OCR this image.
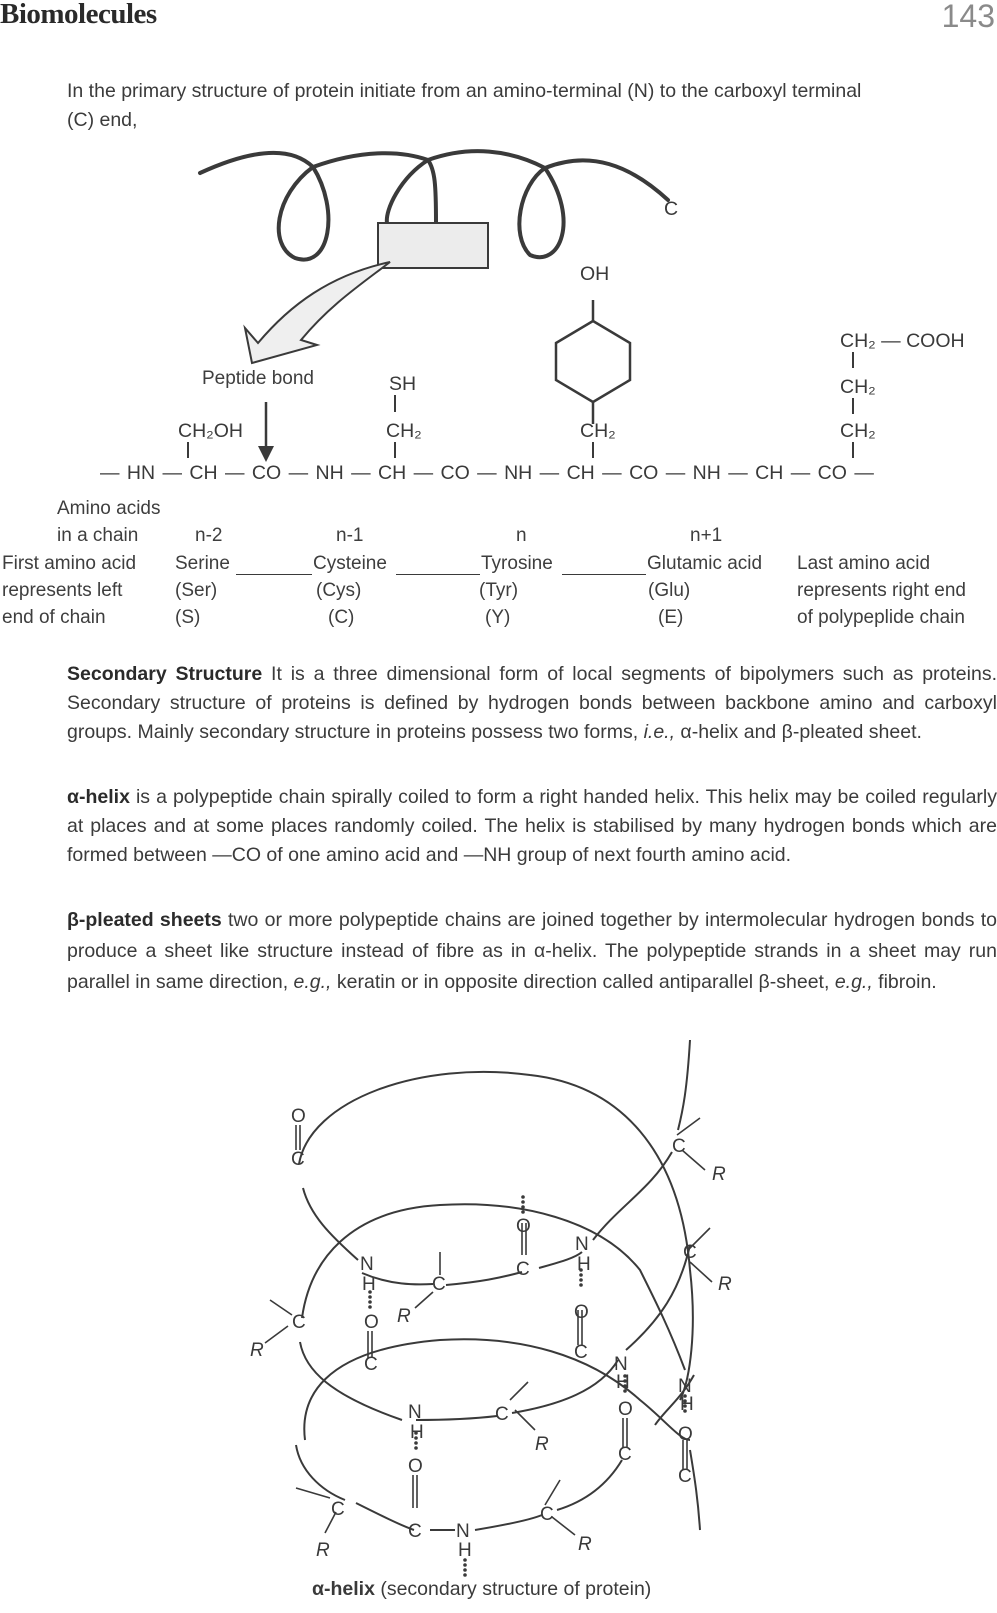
Biomolecules	143
In the primary structure of protein initiate from an amino-terminal (N) to the carboxyl terminal
(C) end,
C
OH
CH₂ — COOH
Peptide bond	SH	CH₂
CH₂OH	CH₂	CH₂	CH₂
— HN — CH — CO — NH — CH — CO — NH — CH — CO — NH — CH — CO —
Amino acids
in a chain	n-2	n-1	n	n+1
First amino acid
represents left
end of chain
Serine	Cysteine	Tyrosine	Glutamic acid
(Ser)	(Cys)	(Tyr)	(Glu)
(S)	(C)	(Y)	(E)
Last amino acid
represents right end
of polypeplide chain
Secondary Structure It is a three dimensional form of local segments of bipolymers such as proteins. Secondary structure of proteins is defined by hydrogen bonds between backbone amino and carboxyl groups. Mainly secondary structure in proteins possess two forms, i.e., α-helix and β-pleated sheet.
α-helix is a polypeptide chain spirally coiled to form a right handed helix. This helix may be coiled regularly at places and at some places randomly coiled. The helix is stabilised by many hydrogen bonds which are formed between —CO of one amino acid and —NH group of next fourth amino acid.
β-pleated sheets two or more polypeptide chains are joined together by intermolecular hydrogen bonds to produce a sheet like structure instead of fibre as in α-helix. The polypeptide strands in a sheet may run parallel in same direction, e.g., keratin or in opposite direction called antiparallel β-sheet, e.g., fibroin.
O
C
C
R
C
R
O
C
N
H
O
C
N
H	C
R
O
C
C
R
N
H	N
H
N
H
C
R
O
C
O
C
O
C
C
R
N
H
C
R
α-helix (secondary structure of protein)
